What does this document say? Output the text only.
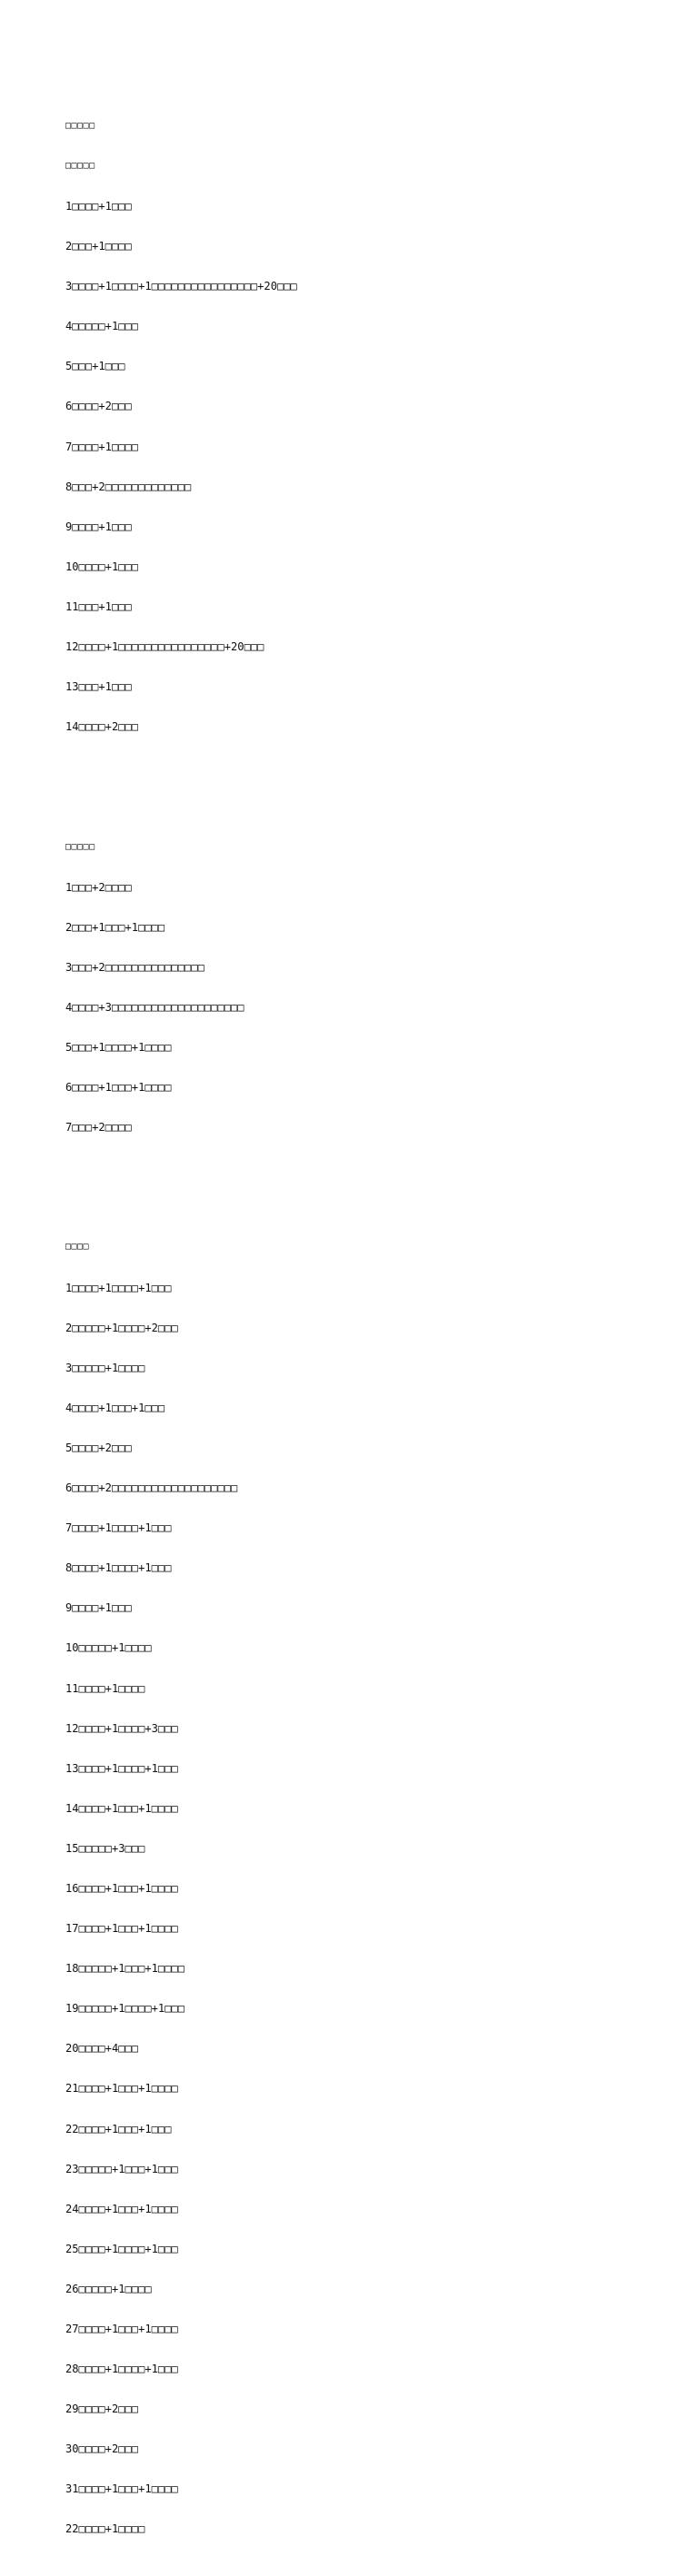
□□□□□

□□□□□

1□□□□+1□□□

2□□□+1□□□□

3□□□□+1□□□□+1□□□□□□□□□□□□□□□□+20□□□

4□□□□□+1□□□

5□□□+1□□□

6□□□□+2□□□

7□□□□+1□□□□

8□□□+2□□□□□□□□□□□□□

9□□□□+1□□□

10□□□□+1□□□

11□□□+1□□□

12□□□□+1□□□□□□□□□□□□□□□□+20□□□

13□□□+1□□□

14□□□□+2□□□

□□□□□

1□□□+2□□□□

2□□□+1□□□+1□□□□

3□□□+2□□□□□□□□□□□□□□□

4□□□□+3□□□□□□□□□□□□□□□□□□□□

5□□□+1□□□□+1□□□□

6□□□□+1□□□+1□□□□

7□□□+2□□□□

□□□□

1□□□□+1□□□□+1□□□

2□□□□□+1□□□□+2□□□

3□□□□□+1□□□□

4□□□□+1□□□+1□□□

5□□□□+2□□□

6□□□□+2□□□□□□□□□□□□□□□□□□□

7□□□□+1□□□□+1□□□

8□□□□+1□□□□+1□□□

9□□□□+1□□□

10□□□□□+1□□□□

11□□□□+1□□□□

12□□□□+1□□□□+3□□□

13□□□□+1□□□□+1□□□

14□□□□+1□□□+1□□□□

15□□□□□+3□□□

16□□□□+1□□□+1□□□□

17□□□□+1□□□+1□□□□

18□□□□□+1□□□+1□□□□

19□□□□□+1□□□□+1□□□

20□□□□+4□□□

21□□□□+1□□□+1□□□□

22□□□□+1□□□+1□□□

23□□□□□+1□□□+1□□□

24□□□□+1□□□+1□□□□

25□□□□+1□□□□+1□□□

26□□□□□+1□□□□

27□□□□+1□□□+1□□□□

28□□□□+1□□□□+1□□□

29□□□□+2□□□

30□□□□+2□□□

31□□□□+1□□□+1□□□□

22□□□□+1□□□□
